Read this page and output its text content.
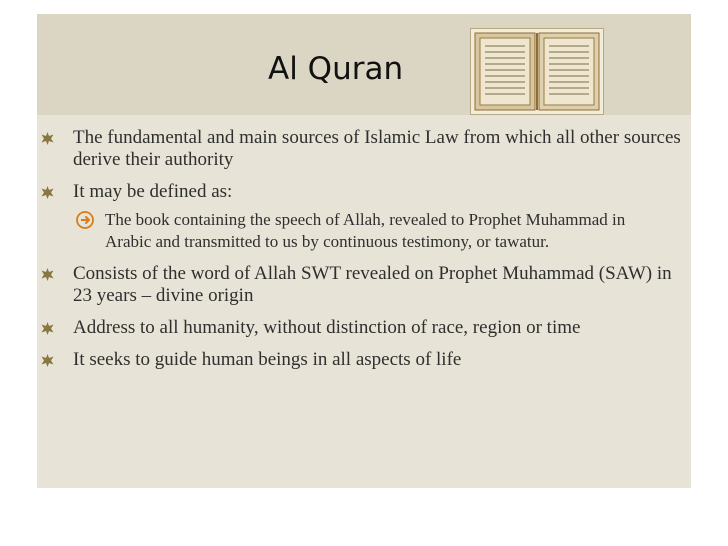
Al Quran
The fundamental and main sources of Islamic Law from which all other sources derive their authority
It may be defined as:
The book containing the speech of Allah, revealed to Prophet Muhammad in Arabic and transmitted to us by continuous testimony, or tawatur.
Consists of the word of Allah SWT revealed on Prophet Muhammad (SAW) in 23 years – divine origin
Address to all humanity, without distinction of race, region or time
It seeks to guide human beings in all aspects of life
